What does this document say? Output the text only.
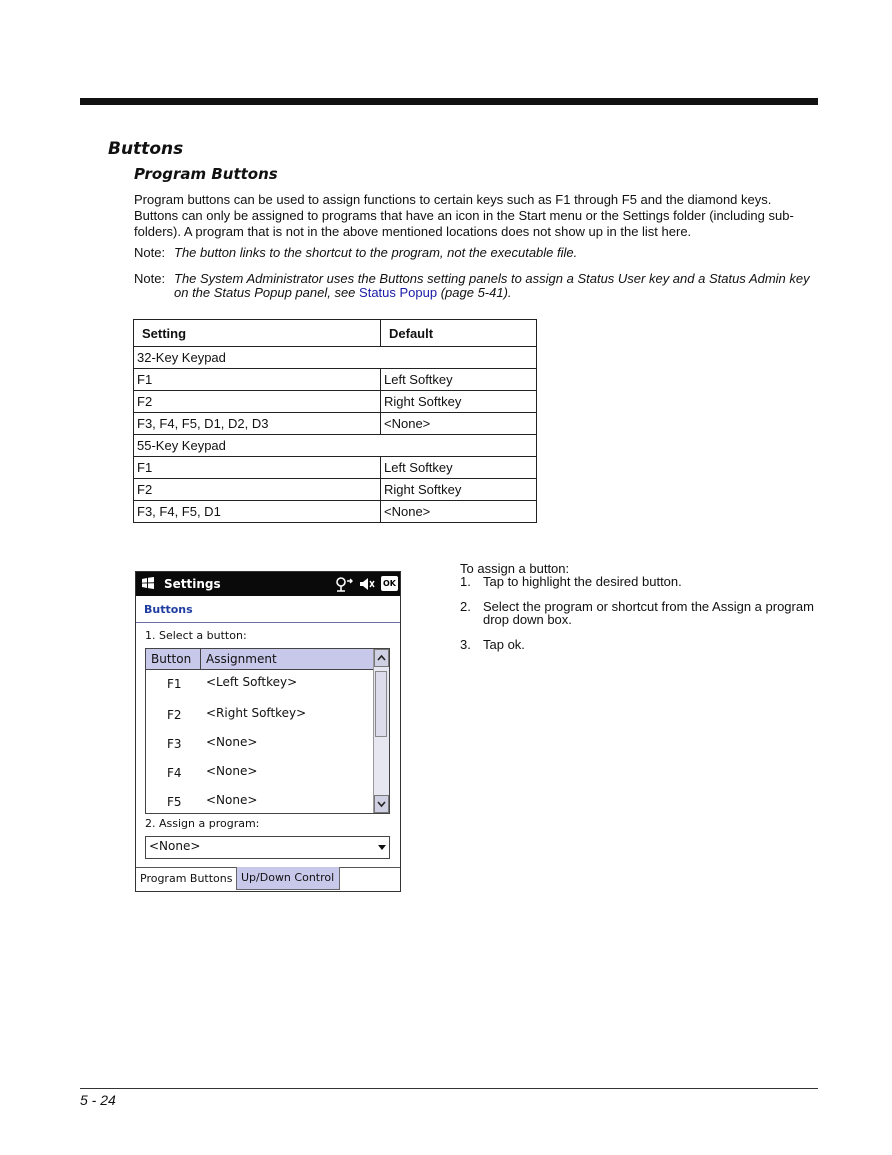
Buttons
Program Buttons
Program buttons can be used to assign functions to certain keys such as F1 through F5 and the diamond keys. Buttons can only be assigned to programs that have an icon in the Start menu or the Settings folder (including sub-folders). A program that is not in the above mentioned locations does not show up in the list here.
Note: The button links to the shortcut to the program, not the executable file.
Note: The System Administrator uses the Buttons setting panels to assign a Status User key and a Status Admin key on the Status Popup panel, see Status Popup (page 5-41).
Setting	Default
32-Key Keypad	
F1	Left Softkey
F2	Right Softkey
F3, F4, F5, D1, D2, D3	<None>
55-Key Keypad	
F1	Left Softkey
F2	Right Softkey
F3, F4, F5, D1	<None>
Settings	OK
Buttons
1. Select a button:
Button Assignment
F1 <Left Softkey>
F2 <Right Softkey>
F3 <None>
F4 <None>
F5 <None>
2. Assign a program:
<None>
Program Buttons Up/Down Control
To assign a button:
1. Tap to highlight the desired button.
2. Select the program or shortcut from the Assign a program drop down box.
3. Tap ok.
5 - 24
